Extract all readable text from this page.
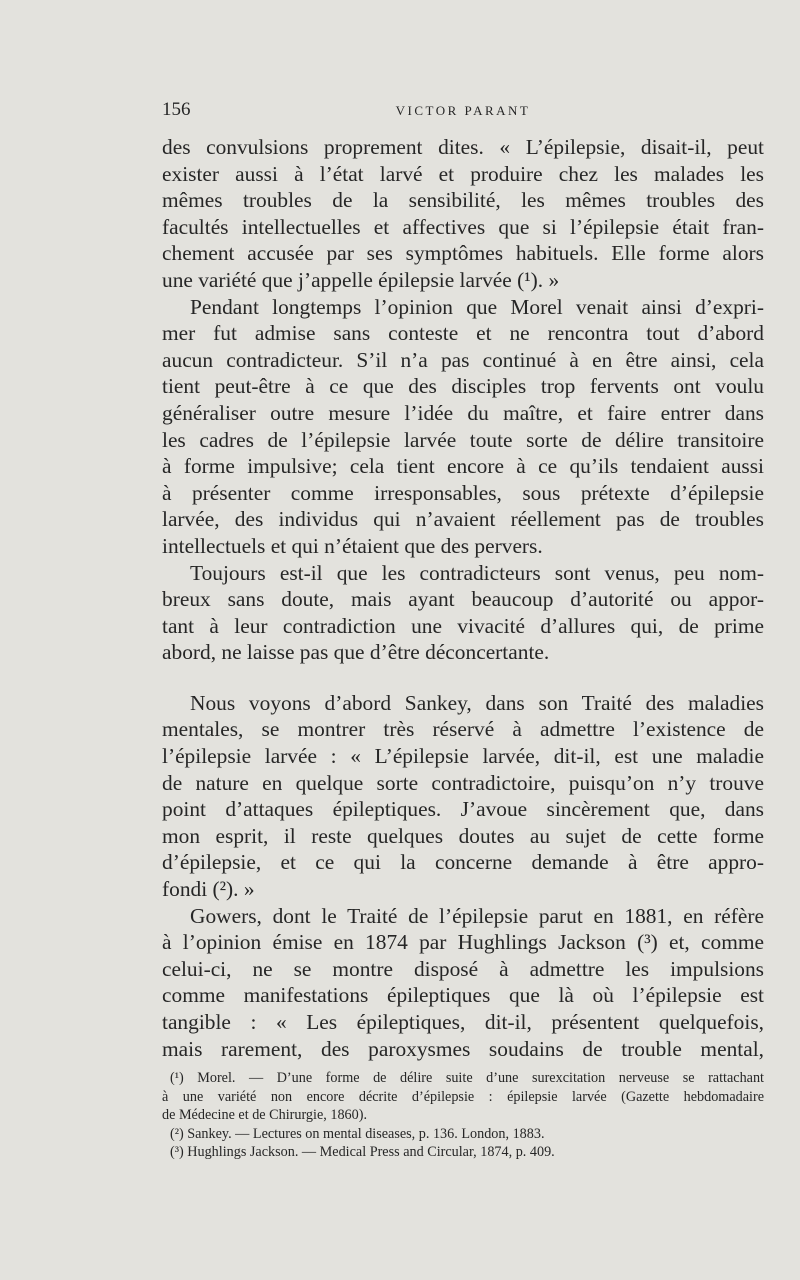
156	VICTOR PARANT
des convulsions proprement dites. « L’épilepsie, disait-il, peut
exister aussi à l’état larvé et produire chez les malades les
mêmes troubles de la sensibilité, les mêmes troubles des
facultés intellectuelles et affectives que si l’épilepsie était fran-
chement accusée par ses symptômes habituels. Elle forme alors
une variété que j’appelle épilepsie larvée (¹). »
Pendant longtemps l’opinion que Morel venait ainsi d’expri-
mer fut admise sans conteste et ne rencontra tout d’abord
aucun contradicteur. S’il n’a pas continué à en être ainsi, cela
tient peut-être à ce que des disciples trop fervents ont voulu
généraliser outre mesure l’idée du maître, et faire entrer dans
les cadres de l’épilepsie larvée toute sorte de délire transitoire
à forme impulsive; cela tient encore à ce qu’ils tendaient aussi
à présenter comme irresponsables, sous prétexte d’épilepsie
larvée, des individus qui n’avaient réellement pas de troubles
intellectuels et qui n’étaient que des pervers.
Toujours est-il que les contradicteurs sont venus, peu nom-
breux sans doute, mais ayant beaucoup d’autorité ou appor-
tant à leur contradiction une vivacité d’allures qui, de prime
abord, ne laisse pas que d’être déconcertante.
Nous voyons d’abord Sankey, dans son Traité des maladies
mentales, se montrer très réservé à admettre l’existence de
l’épilepsie larvée : « L’épilepsie larvée, dit-il, est une maladie
de nature en quelque sorte contradictoire, puisqu’on n’y trouve
point d’attaques épileptiques. J’avoue sincèrement que, dans
mon esprit, il reste quelques doutes au sujet de cette forme
d’épilepsie, et ce qui la concerne demande à être appro-
fondi (²). »
Gowers, dont le Traité de l’épilepsie parut en 1881, en réfère
à l’opinion émise en 1874 par Hughlings Jackson (³) et, comme
celui-ci, ne se montre disposé à admettre les impulsions
comme manifestations épileptiques que là où l’épilepsie est
tangible : « Les épileptiques, dit-il, présentent quelquefois,
mais rarement, des paroxysmes soudains de trouble mental,
(¹) Morel. — D’une forme de délire suite d’une surexcitation nerveuse se rattachant
à une variété non encore décrite d’épilepsie : épilepsie larvée (Gazette hebdomadaire
de Médecine et de Chirurgie, 1860).
(²) Sankey. — Lectures on mental diseases, p. 136. London, 1883.
(³) Hughlings Jackson. — Medical Press and Circular, 1874, p. 409.
